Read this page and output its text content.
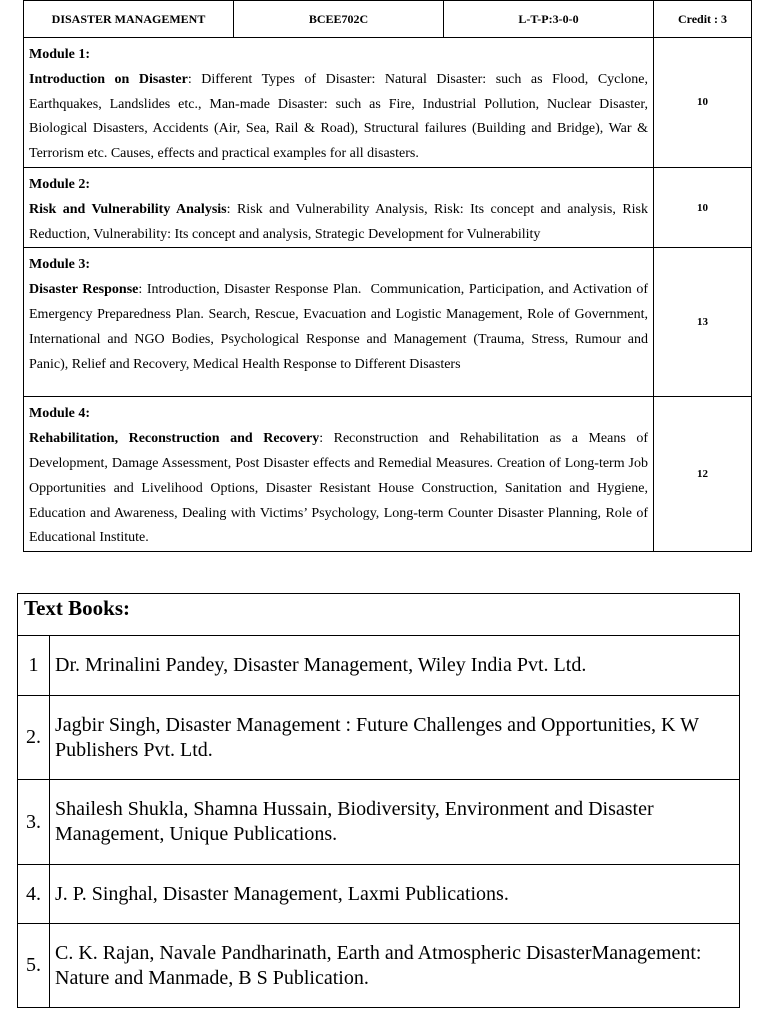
DISASTER MANAGEMENT	BCEE702C	L-T-P:3-0-0	Credit : 3

Module 1:
Introduction on Disaster: Different Types of Disaster: Natural Disaster: such as Flood, Cyclone, Earthquakes, Landslides etc., Man-made Disaster: such as Fire, Industrial Pollution, Nuclear Disaster, Biological Disasters, Accidents (Air, Sea, Rail & Road), Structural failures (Building and Bridge), War & Terrorism etc. Causes, effects and practical examples for all disasters.			10

Module 2:
Risk and Vulnerability Analysis: Risk and Vulnerability Analysis, Risk: Its concept and analysis, Risk Reduction, Vulnerability: Its concept and analysis, Strategic Development for Vulnerability			10

Module 3:
Disaster Response: Introduction, Disaster Response Plan.  Communication, Participation, and Activation of Emergency Preparedness Plan. Search, Rescue, Evacuation and Logistic Management, Role of Government, International and NGO Bodies, Psychological Response and Management (Trauma, Stress, Rumour and Panic), Relief and Recovery, Medical Health Response to Different Disasters			13

Module 4:
Rehabilitation, Reconstruction and Recovery: Reconstruction and Rehabilitation as a Means of Development, Damage Assessment, Post Disaster effects and Remedial Measures. Creation of Long-term Job Opportunities and Livelihood Options, Disaster Resistant House Construction, Sanitation and Hygiene, Education and Awareness, Dealing with Victims’ Psychology, Long-term Counter Disaster Planning, Role of Educational Institute.			12
Text Books:	
1	Dr. Mrinalini Pandey, Disaster Management, Wiley India Pvt. Ltd.
2.	Jagbir Singh, Disaster Management : Future Challenges and Opportunities, K W Publishers Pvt. Ltd.
3.	Shailesh Shukla, Shamna Hussain, Biodiversity, Environment and Disaster Management, Unique Publications.
4.	J. P. Singhal, Disaster Management, Laxmi Publications.
5.	C. K. Rajan, Navale Pandharinath, Earth and Atmospheric DisasterManagement: Nature and Manmade, B S Publication.
